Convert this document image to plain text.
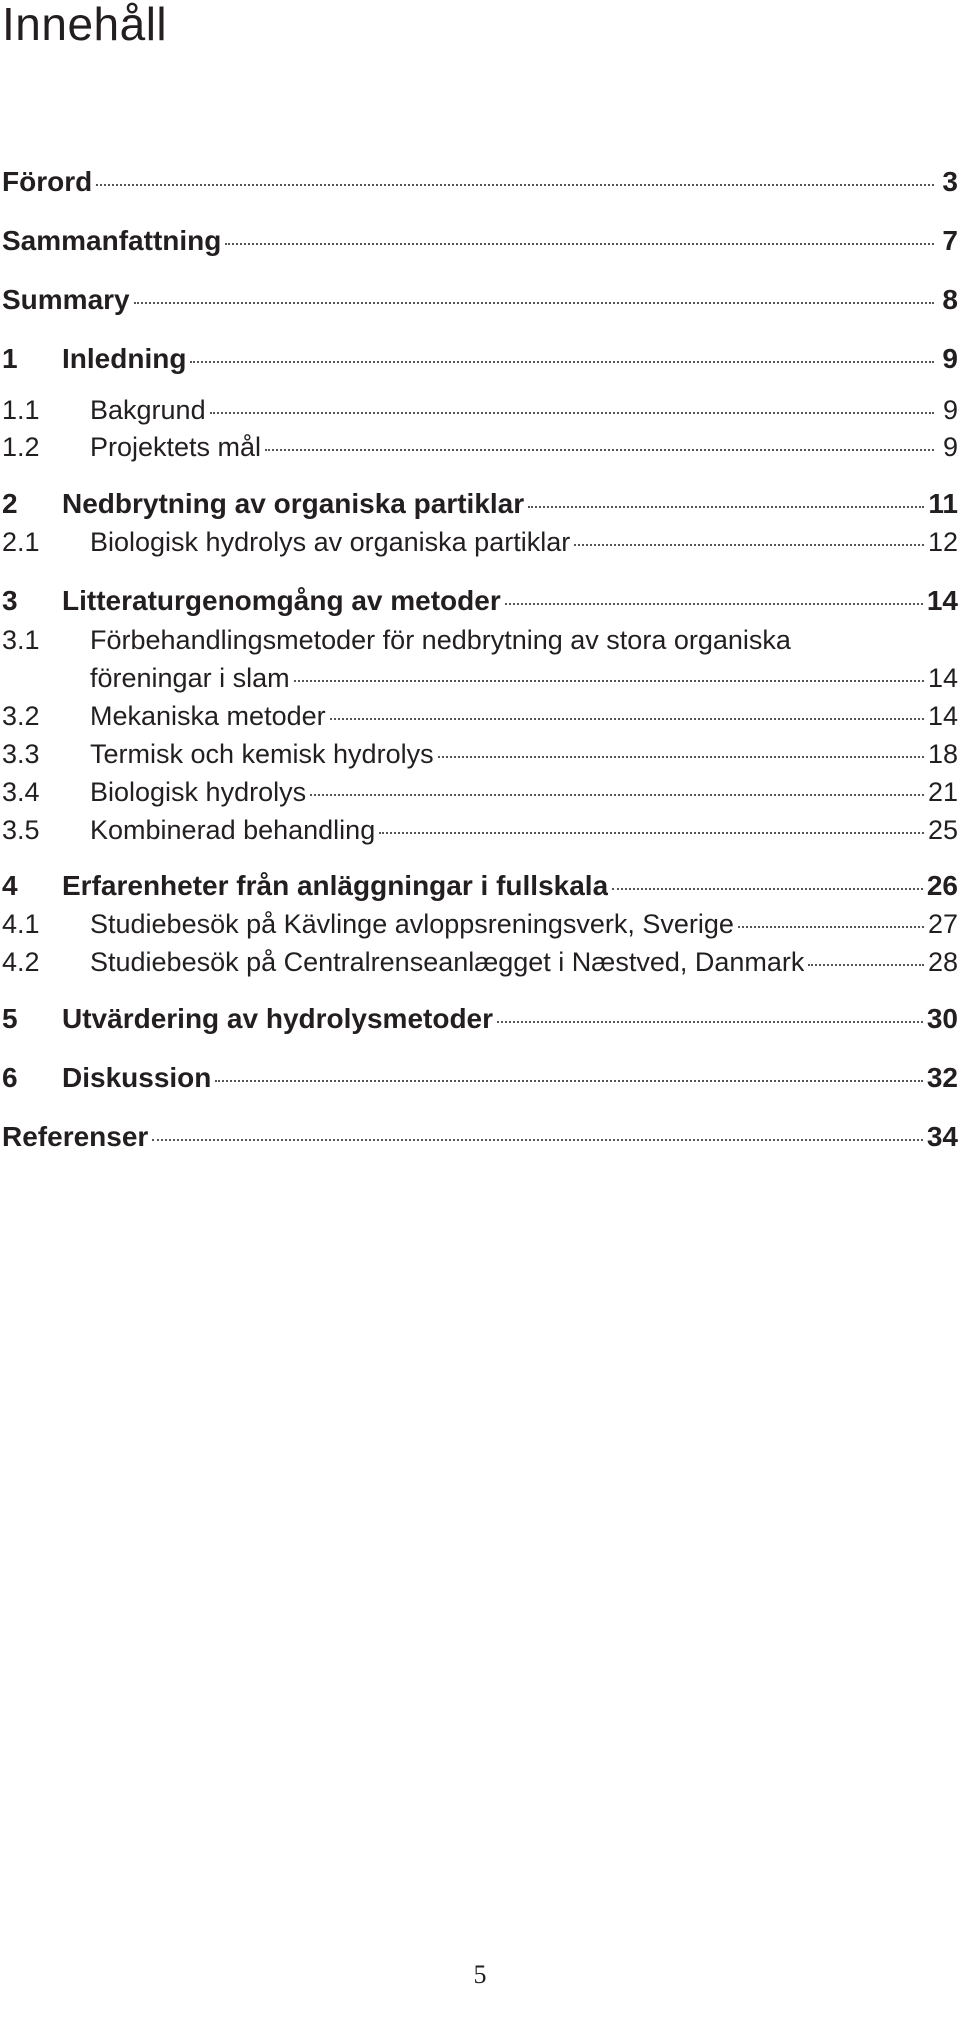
Innehåll
Förord	3
Sammanfattning	7
Summary	8
1	Inledning	9
1.1	Bakgrund	9
1.2	Projektets mål	9
2	Nedbrytning av organiska partiklar	11
2.1	Biologisk hydrolys av organiska partiklar	12
3	Litteraturgenomgång av metoder	14
3.1	Förbehandlingsmetoder för nedbrytning av stora organiska
föreningar i slam	14
3.2	Mekaniska metoder	14
3.3	Termisk och kemisk hydrolys	18
3.4	Biologisk hydrolys	21
3.5	Kombinerad behandling	25
4	Erfarenheter från anläggningar i fullskala	26
4.1	Studiebesök på Kävlinge avloppsreningsverk, Sverige	27
4.2	Studiebesök på Centralrenseanlægget i Næstved, Danmark	28
5	Utvärdering av hydrolysmetoder	30
6	Diskussion	32
Referenser	34
5
